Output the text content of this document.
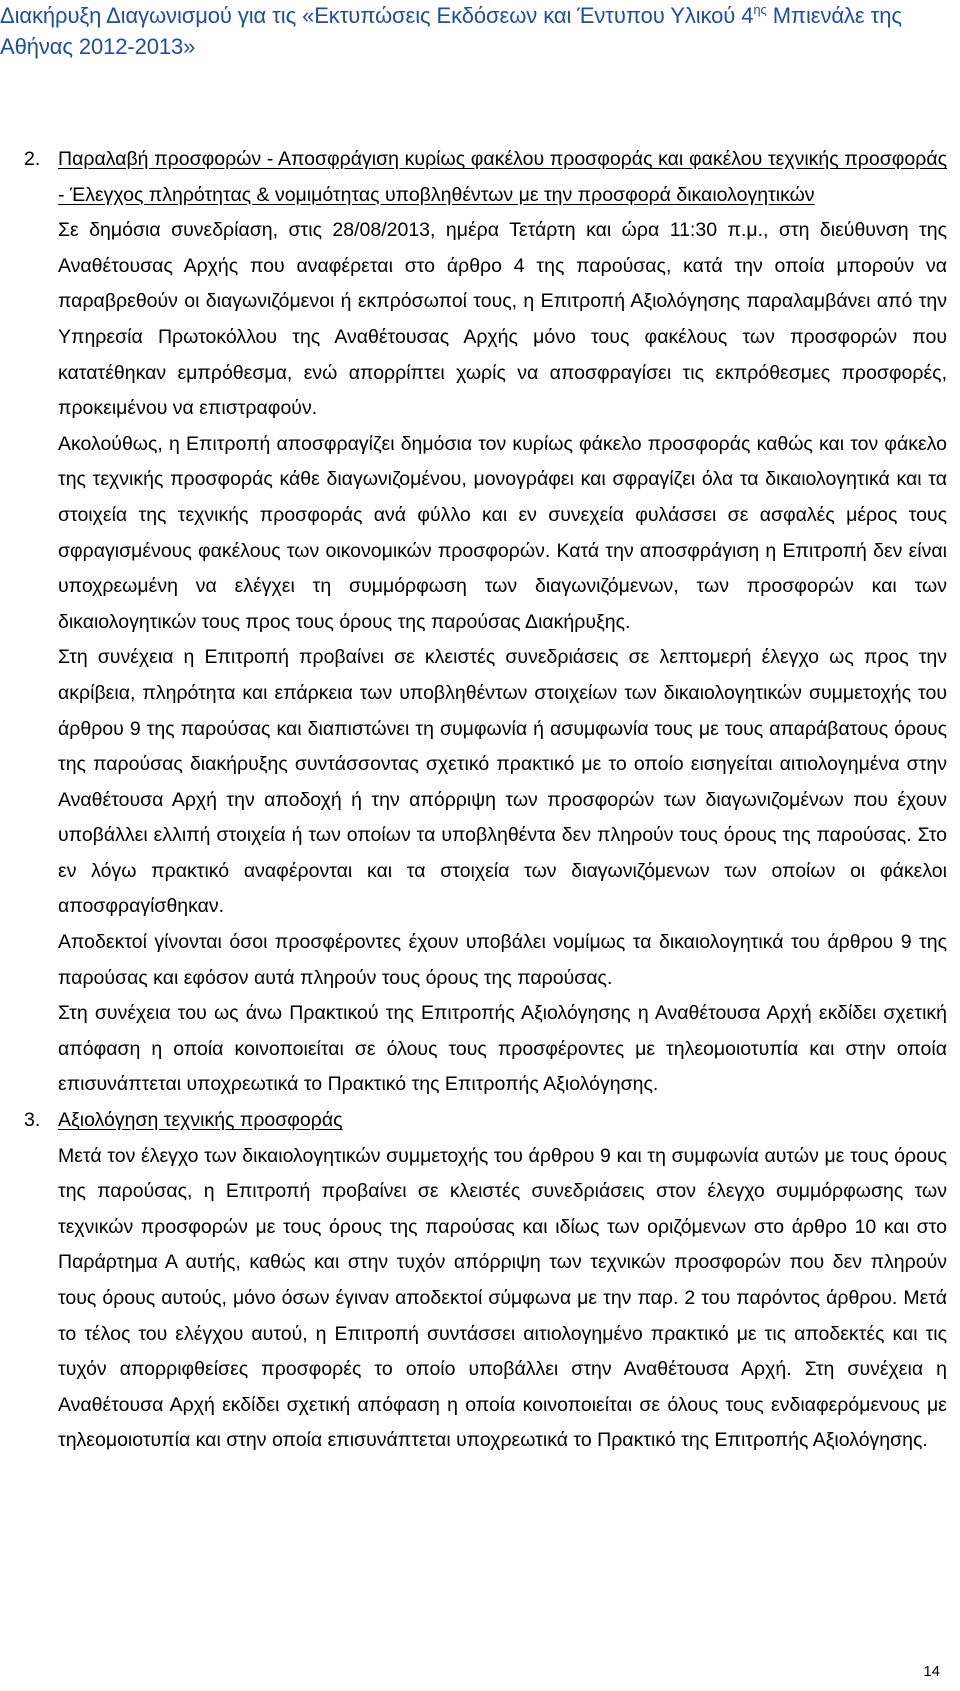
Διακήρυξη Διαγωνισμού για τις «Εκτυπώσεις Εκδόσεων και Έντυπου Υλικού $4^{\eta\varsigma}$ Μπιενάλε της
Αθήνας 2012-2013»
2. Παραλαβή προσφορών - Αποσφράγιση κυρίως φακέλου προσφοράς και φακέλου τεχνικής προσφοράς - Έλεγχος πληρότητας & νομιμότητας υποβληθέντων με την προσφορά δικαιολογητικών

Σε δημόσια συνεδρίαση, στις 28/08/2013, ημέρα Τετάρτη και ώρα 11:30 π.μ., στη διεύθυνση της Αναθέτουσας Αρχής που αναφέρεται στο άρθρο 4 της παρούσας, κατά την οποία μπορούν να παραβρεθούν οι διαγωνιζόμενοι ή εκπρόσωποί τους, η Επιτροπή Αξιολόγησης παραλαμβάνει από την Υπηρεσία Πρωτοκόλλου της Αναθέτουσας Αρχής μόνο τους φακέλους των προσφορών που κατατέθηκαν εμπρόθεσμα, ενώ απορρίπτει χωρίς να αποσφραγίσει τις εκπρόθεσμες προσφορές, προκειμένου να επιστραφούν.

Ακολούθως, η Επιτροπή αποσφραγίζει δημόσια τον κυρίως φάκελο προσφοράς καθώς και τον φάκελο της τεχνικής προσφοράς κάθε διαγωνιζομένου, μονογράφει και σφραγίζει όλα τα δικαιολογητικά και τα στοιχεία της τεχνικής προσφοράς ανά φύλλο και εν συνεχεία φυλάσσει σε ασφαλές μέρος τους σφραγισμένους φακέλους των οικονομικών προσφορών. Κατά την αποσφράγιση η Επιτροπή δεν είναι υποχρεωμένη να ελέγχει τη συμμόρφωση των διαγωνιζόμενων, των προσφορών και των δικαιολογητικών τους προς τους όρους της παρούσας Διακήρυξης.

Στη συνέχεια η Επιτροπή προβαίνει σε κλειστές συνεδριάσεις σε λεπτομερή έλεγχο ως προς την ακρίβεια, πληρότητα και επάρκεια των υποβληθέντων στοιχείων των δικαιολογητικών συμμετοχής του άρθρου 9 της παρούσας και διαπιστώνει τη συμφωνία ή ασυμφωνία τους με τους απαράβατους όρους της παρούσας διακήρυξης συντάσσοντας σχετικό πρακτικό με το οποίο εισηγείται αιτιολογημένα στην Αναθέτουσα Αρχή την αποδοχή ή την απόρριψη των προσφορών των διαγωνιζομένων που έχουν υποβάλλει ελλιπή στοιχεία ή των οποίων τα υποβληθέντα δεν πληρούν τους όρους της παρούσας. Στο εν λόγω πρακτικό αναφέρονται και τα στοιχεία των διαγωνιζόμενων των οποίων οι φάκελοι αποσφραγίσθηκαν.

Αποδεκτοί γίνονται όσοι προσφέροντες έχουν υποβάλει νομίμως τα δικαιολογητικά του άρθρου 9 της παρούσας και εφόσον αυτά πληρούν τους όρους της παρούσας.

Στη συνέχεια του ως άνω Πρακτικού της Επιτροπής Αξιολόγησης η Αναθέτουσα Αρχή εκδίδει σχετική απόφαση η οποία κοινοποιείται σε όλους τους προσφέροντες με τηλεομοιοτυπία και στην οποία επισυνάπτεται υποχρεωτικά το Πρακτικό της Επιτροπής Αξιολόγησης.

3. Αξιολόγηση τεχνικής προσφοράς

Μετά τον έλεγχο των δικαιολογητικών συμμετοχής του άρθρου 9 και τη συμφωνία αυτών με τους όρους της παρούσας, η Επιτροπή προβαίνει σε κλειστές συνεδριάσεις στον έλεγχο συμμόρφωσης των τεχνικών προσφορών με τους όρους της παρούσας και ιδίως των οριζόμενων στο άρθρο 10 και στο Παράρτημα Α αυτής, καθώς και στην τυχόν απόρριψη των τεχνικών προσφορών που δεν πληρούν τους όρους αυτούς, μόνο όσων έγιναν αποδεκτοί σύμφωνα με την παρ. 2 του παρόντος άρθρου. Μετά το τέλος του ελέγχου αυτού, η Επιτροπή συντάσσει αιτιολογημένο πρακτικό με τις αποδεκτές και τις τυχόν απορριφθείσες προσφορές το οποίο υποβάλλει στην Αναθέτουσα Αρχή. Στη συνέχεια η Αναθέτουσα Αρχή εκδίδει σχετική απόφαση η οποία κοινοποιείται σε όλους τους ενδιαφερόμενους με τηλεομοιοτυπία και στην οποία επισυνάπτεται υποχρεωτικά το Πρακτικό της Επιτροπής Αξιολόγησης.

14
